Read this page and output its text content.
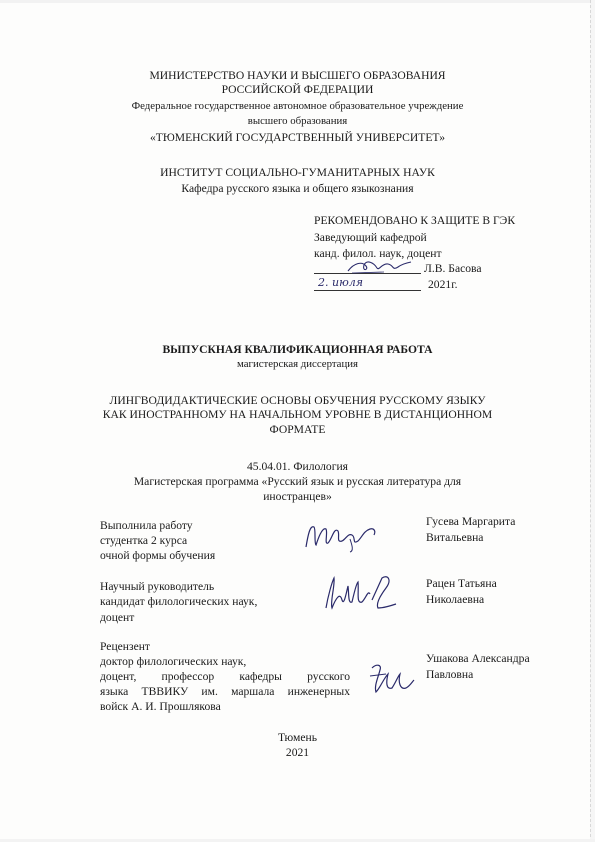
МИНИСТЕРСТВО НАУКИ И ВЫСШЕГО ОБРАЗОВАНИЯ
РОССИЙСКОЙ ФЕДЕРАЦИИ
Федеральное государственное автономное образовательное учреждение
высшего образования
«ТЮМЕНСКИЙ ГОСУДАРСТВЕННЫЙ УНИВЕРСИТЕТ»
ИНСТИТУТ СОЦИАЛЬНО-ГУМАНИТАРНЫХ НАУК
Кафедра русского языка и общего языкознания
РЕКОМЕНДОВАНО К ЗАЩИТЕ В ГЭК
Заведующий кафедрой
канд. филол. наук, доцент
Л.В. Басова
2. июля	2021г.
ВЫПУСКНАЯ КВАЛИФИКАЦИОННАЯ РАБОТА
магистерская диссертация
ЛИНГВОДИДАКТИЧЕСКИЕ ОСНОВЫ ОБУЧЕНИЯ РУССКОМУ ЯЗЫКУ
КАК ИНОСТРАННОМУ НА НАЧАЛЬНОМ УРОВНЕ В ДИСТАНЦИОННОМ
ФОРМАТЕ
45.04.01. Филология
Магистерская программа «Русский язык и русская литература для
иностранцев»
Выполнила работу
студентка 2 курса
очной формы обучения
Гусева Маргарита
Витальевна
Научный руководитель
кандидат филологических наук,
доцент
Рацен Татьяна
Николаевна
Рецензент
доктор филологических наук,
доцент, профессор кафедры русского
языка ТВВИКУ им. маршала инженерных
войск А. И. Прошлякова
Ушакова Александра
Павловна
Тюмень
2021
